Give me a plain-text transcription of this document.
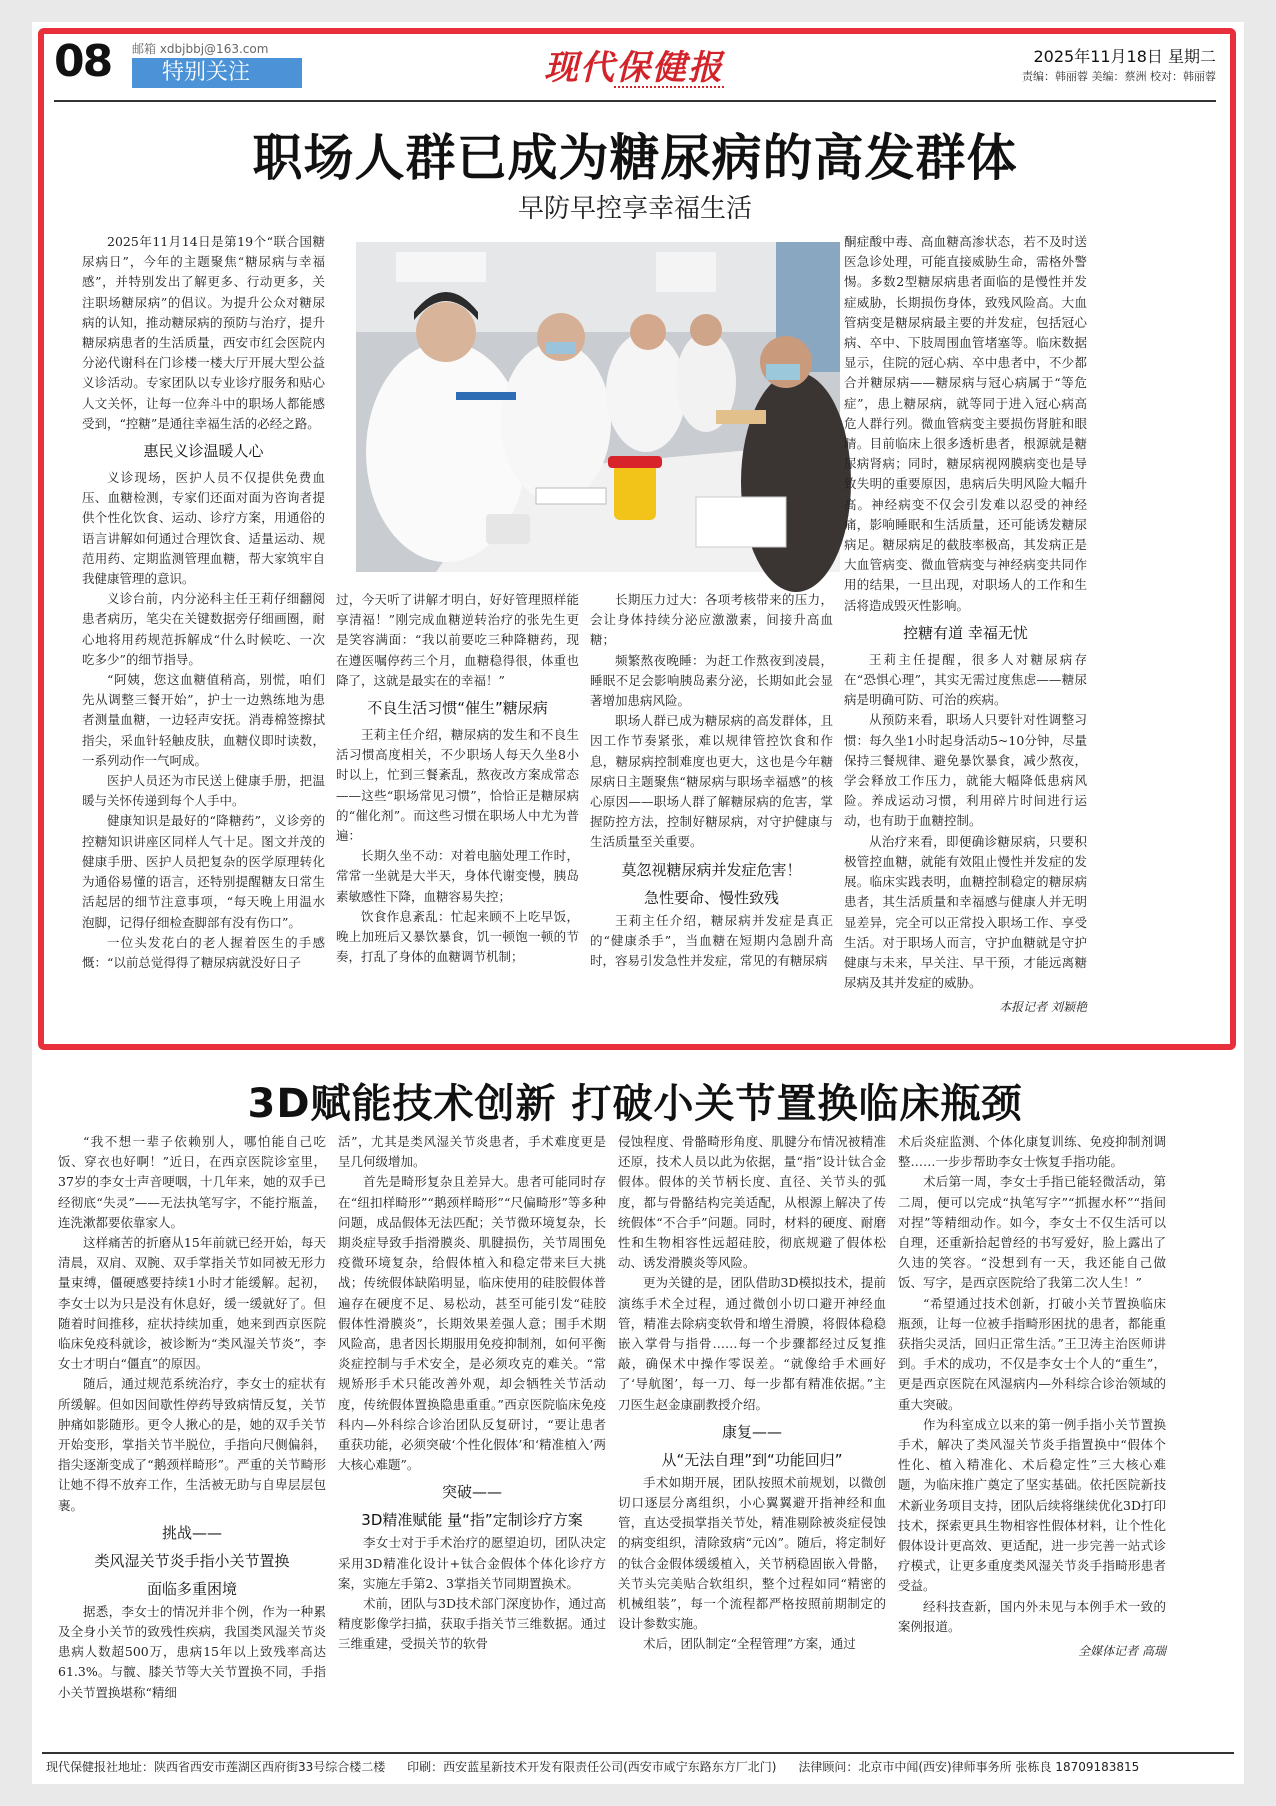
08 邮箱 xdbjbbj@163.com
特别关注	现代保健报	2025年11月18日 星期二
责编：韩丽蓉 美编：蔡洲 校对：韩丽蓉
职场人群已成为糖尿病的高发群体
早防早控享幸福生活

2025年11月14日是第19个“联合国糖尿病日”，今年的主题聚焦“糖尿病与幸福感”，并特别发出了解更多、行动更多，关注职场糖尿病”的倡议。为提升公众对糖尿病的认知，推动糖尿病的预防与治疗，提升糖尿病患者的生活质量，西安市红会医院内分泌代谢科在门诊楼一楼大厅开展大型公益义诊活动。专家团队以专业诊疗服务和贴心人文关怀，让每一位奔斗中的职场人都能感受到，“控糖”是通往幸福生活的必经之路。

惠民义诊温暖人心

义诊现场，医护人员不仅提供免费血压、血糖检测，专家们还面对面为咨询者提供个性化饮食、运动、诊疗方案，用通俗的语言讲解如何通过合理饮食、适量运动、规范用药、定期监测管理血糖，帮大家筑牢自我健康管理的意识。

义诊台前，内分泌科主任王莉仔细翻阅患者病历，笔尖在关键数据旁仔细画圈，耐心地将用药规范拆解成“什么时候吃、一次吃多少”的细节指导。

“阿姨，您这血糖值稍高，别慌，咱们先从调整三餐开始”，护士一边熟练地为患者测量血糖，一边轻声安抚。消毒棉签擦拭指尖，采血针轻触皮肤，血糖仪即时读数，一系列动作一气呵成。

医护人员还为市民送上健康手册，把温暖与关怀传递到每个人手中。

健康知识是最好的“降糖药”，义诊旁的控糖知识讲座区同样人气十足。图文并茂的健康手册、医护人员把复杂的医学原理转化为通俗易懂的语言，还特别提醒糖友日常生活起居的细节注意事项，“每天晚上用温水泡脚，记得仔细检查脚部有没有伤口”。

一位头发花白的老人握着医生的手感慨：“以前总觉得得了糖尿病就没好日子

过，今天听了讲解才明白，好好管理照样能享清福！”刚完成血糖逆转治疗的张先生更是笑容满面：“我以前要吃三种降糖药，现在遵医嘱停药三个月，血糖稳得很，体重也降了，这就是最实在的幸福！”

不良生活习惯“催生”糖尿病

王莉主任介绍，糖尿病的发生和不良生活习惯高度相关，不少职场人每天久坐8小时以上，忙到三餐紊乱，熬夜改方案成常态——这些“职场常见习惯”，恰恰正是糖尿病的“催化剂”。而这些习惯在职场人中尤为普遍：

长期久坐不动：对着电脑处理工作时，常常一坐就是大半天，身体代谢变慢，胰岛素敏感性下降，血糖容易失控；

饮食作息紊乱：忙起来顾不上吃早饭，晚上加班后又暴饮暴食，饥一顿饱一顿的节奏，打乱了身体的血糖调节机制；

长期压力过大：各项考核带来的压力，会让身体持续分泌应激激素，间接升高血糖；

频繁熬夜晚睡：为赶工作熬夜到凌晨，睡眠不足会影响胰岛素分泌，长期如此会显著增加患病风险。

职场人群已成为糖尿病的高发群体，且因工作节奏紧张，难以规律管控饮食和作息，糖尿病控制难度也更大，这也是今年糖尿病日主题聚焦“糖尿病与职场幸福感”的核心原因——职场人群了解糖尿病的危害，掌握防控方法，控制好糖尿病，对守护健康与生活质量至关重要。

莫忽视糖尿病并发症危害！

急性要命、慢性致残

王莉主任介绍，糖尿病并发症是真正的“健康杀手”，当血糖在短期内急剧升高时，容易引发急性并发症，常见的有糖尿病

酮症酸中毒、高血糖高渗状态，若不及时送医急诊处理，可能直接威胁生命，需格外警惕。多数2型糖尿病患者面临的是慢性并发症威胁，长期损伤身体，致残风险高。大血管病变是糖尿病最主要的并发症，包括冠心病、卒中、下肢周围血管堵塞等。临床数据显示，住院的冠心病、卒中患者中，不少都合并糖尿病——糖尿病与冠心病属于“等危症”，患上糖尿病，就等同于进入冠心病高危人群行列。微血管病变主要损伤肾脏和眼睛。目前临床上很多透析患者，根源就是糖尿病肾病；同时，糖尿病视网膜病变也是导致失明的重要原因，患病后失明风险大幅升高。神经病变不仅会引发难以忍受的神经痛，影响睡眠和生活质量，还可能诱发糖尿病足。糖尿病足的截肢率极高，其发病正是大血管病变、微血管病变与神经病变共同作用的结果，一旦出现，对职场人的工作和生活将造成毁灭性影响。

控糖有道 幸福无忧

王莉主任提醒，很多人对糖尿病存在“恐惧心理”，其实无需过度焦虑——糖尿病是明确可防、可治的疾病。

从预防来看，职场人只要针对性调整习惯：每久坐1小时起身活动5~10分钟，尽量保持三餐规律、避免暴饮暴食，减少熬夜，学会释放工作压力，就能大幅降低患病风险。养成运动习惯，利用碎片时间进行运动，也有助于血糖控制。

从治疗来看，即便确诊糖尿病，只要积极管控血糖，就能有效阻止慢性并发症的发展。临床实践表明，血糖控制稳定的糖尿病患者，其生活质量和幸福感与健康人并无明显差异，完全可以正常投入职场工作、享受生活。对于职场人而言，守护血糖就是守护健康与未来，早关注、早干预，才能远离糖尿病及其并发症的威胁。

本报记者 刘颖艳

3D赋能技术创新 打破小关节置换临床瓶颈

“我不想一辈子依赖别人，哪怕能自己吃饭、穿衣也好啊！”近日，在西京医院诊室里，37岁的李女士声音哽咽，十几年来，她的双手已经彻底“失灵”——无法执笔写字，不能拧瓶盖，连洗漱都要依靠家人。

这样痛苦的折磨从15年前就已经开始，每天清晨，双肩、双腕、双手掌指关节如同被无形力量束缚，僵硬感要持续1小时才能缓解。起初，李女士以为只是没有休息好，缓一缓就好了。但随着时间推移，症状持续加重，她来到西京医院临床免疫科就诊，被诊断为“类风湿关节炎”，李女士才明白“僵直”的原因。

随后，通过规范系统治疗，李女士的症状有所缓解。但如因间歇性停药导致病情反复，关节肿痛如影随形。更令人揪心的是，她的双手关节开始变形，掌指关节半脱位，手指向尺侧偏斜，指尖逐渐变成了“鹅颈样畸形”。严重的关节畸形让她不得不放弃工作，生活被无助与自卑层层包裹。

挑战——

类风湿关节炎手指小关节置换

面临多重困境

据悉，李女士的情况并非个例，作为一种累及全身小关节的致残性疾病，我国类风湿关节炎患病人数超500万，患病15年以上致残率高达61.3%。与髋、膝关节等大关节置换不同，手指小关节置换堪称“精细

活”，尤其是类风湿关节炎患者，手术难度更是呈几何级增加。

首先是畸形复杂且差异大。患者可能同时存在“纽扣样畸形”“鹅颈样畸形”“尺偏畸形”等多种问题，成品假体无法匹配；关节微环境复杂，长期炎症导致手指滑膜炎、肌腱损伤，关节周围免疫微环境复杂，给假体植入和稳定带来巨大挑战；传统假体缺陷明显，临床使用的硅胶假体普遍存在硬度不足、易松动，甚至可能引发“硅胶假体性滑膜炎”，长期效果差强人意；围手术期风险高，患者因长期服用免疫抑制剂，如何平衡炎症控制与手术安全，是必须攻克的难关。“常规矫形手术只能改善外观，却会牺牲关节活动度，传统假体置换隐患重重。”西京医院临床免疫科内—外科综合诊治团队反复研讨，“要让患者重获功能，必须突破‘个性化假体’和‘精准植入’两大核心难题”。

突破——

3D精准赋能 量“指”定制诊疗方案

李女士对于手术治疗的愿望迫切，团队决定采用3D精准化设计+钛合金假体个体化诊疗方案，实施左手第2、3掌指关节同期置换术。

术前，团队与3D技术部门深度协作，通过高精度影像学扫描，获取手指关节三维数据。通过三维重建，受损关节的软骨

侵蚀程度、骨骼畸形角度、肌腱分布情况被精准还原，技术人员以此为依据，量“指”设计钛合金假体。假体的关节柄长度、直径、关节头的弧度，都与骨骼结构完美适配，从根源上解决了传统假体“不合手”问题。同时，材料的硬度、耐磨性和生物相容性远超硅胶，彻底规避了假体松动、诱发滑膜炎等风险。

更为关键的是，团队借助3D模拟技术，提前演练手术全过程，通过微创小切口避开神经血管，精准去除病变软骨和增生滑膜，将假体稳稳嵌入掌骨与指骨……每一个步骤都经过反复推敲，确保术中操作零误差。“就像给手术画好了‘导航图’，每一刀、每一步都有精准依据。”主刀医生赵金康副教授介绍。

康复——

从“无法自理”到“功能回归”

手术如期开展，团队按照术前规划，以微创切口逐层分离组织，小心翼翼避开指神经和血管，直达受损掌指关节处，精准剔除被炎症侵蚀的病变组织，清除致病“元凶”。随后，将定制好的钛合金假体缓缓植入，关节柄稳固嵌入骨骼，关节头完美贴合软组织，整个过程如同“精密的机械组装”，每一个流程都严格按照前期制定的设计参数实施。

术后，团队制定“全程管理”方案，通过

术后炎症监测、个体化康复训练、免疫抑制剂调整……一步步帮助李女士恢复手指功能。

术后第一周，李女士手指已能轻微活动，第二周，便可以完成“执笔写字”“抓握水杯”“指间对捏”等精细动作。如今，李女士不仅生活可以自理，还重新拾起曾经的书写爱好，脸上露出了久违的笑容。“没想到有一天，我还能自己做饭、写字，是西京医院给了我第二次人生！”

“希望通过技术创新，打破小关节置换临床瓶颈，让每一位被手指畸形困扰的患者，都能重获指尖灵活，回归正常生活。”王卫涛主治医师讲到。手术的成功，不仅是李女士个人的“重生”，更是西京医院在风湿病内—外科综合诊治领域的重大突破。

作为科室成立以来的第一例手指小关节置换手术，解决了类风湿关节炎手指置换中“假体个性化、植入精准化、术后稳定性”三大核心难题，为临床推广奠定了坚实基础。依托医院新技术新业务项目支持，团队后续将继续优化3D打印技术，探索更具生物相容性假体材料，让个性化假体设计更高效、更适配，进一步完善一站式诊疗模式，让更多重度类风湿关节炎手指畸形患者受益。

经科技查新，国内外未见与本例手术一致的案例报道。

全媒体记者 高瑞

现代保健报社地址：陕西省西安市莲湖区西府街33号综合楼二楼 印刷：西安蓝星新技术开发有限责任公司(西安市咸宁东路东方厂北门) 法律顾问：北京市中闻(西安)律师事务所 张栋良 18709183815
